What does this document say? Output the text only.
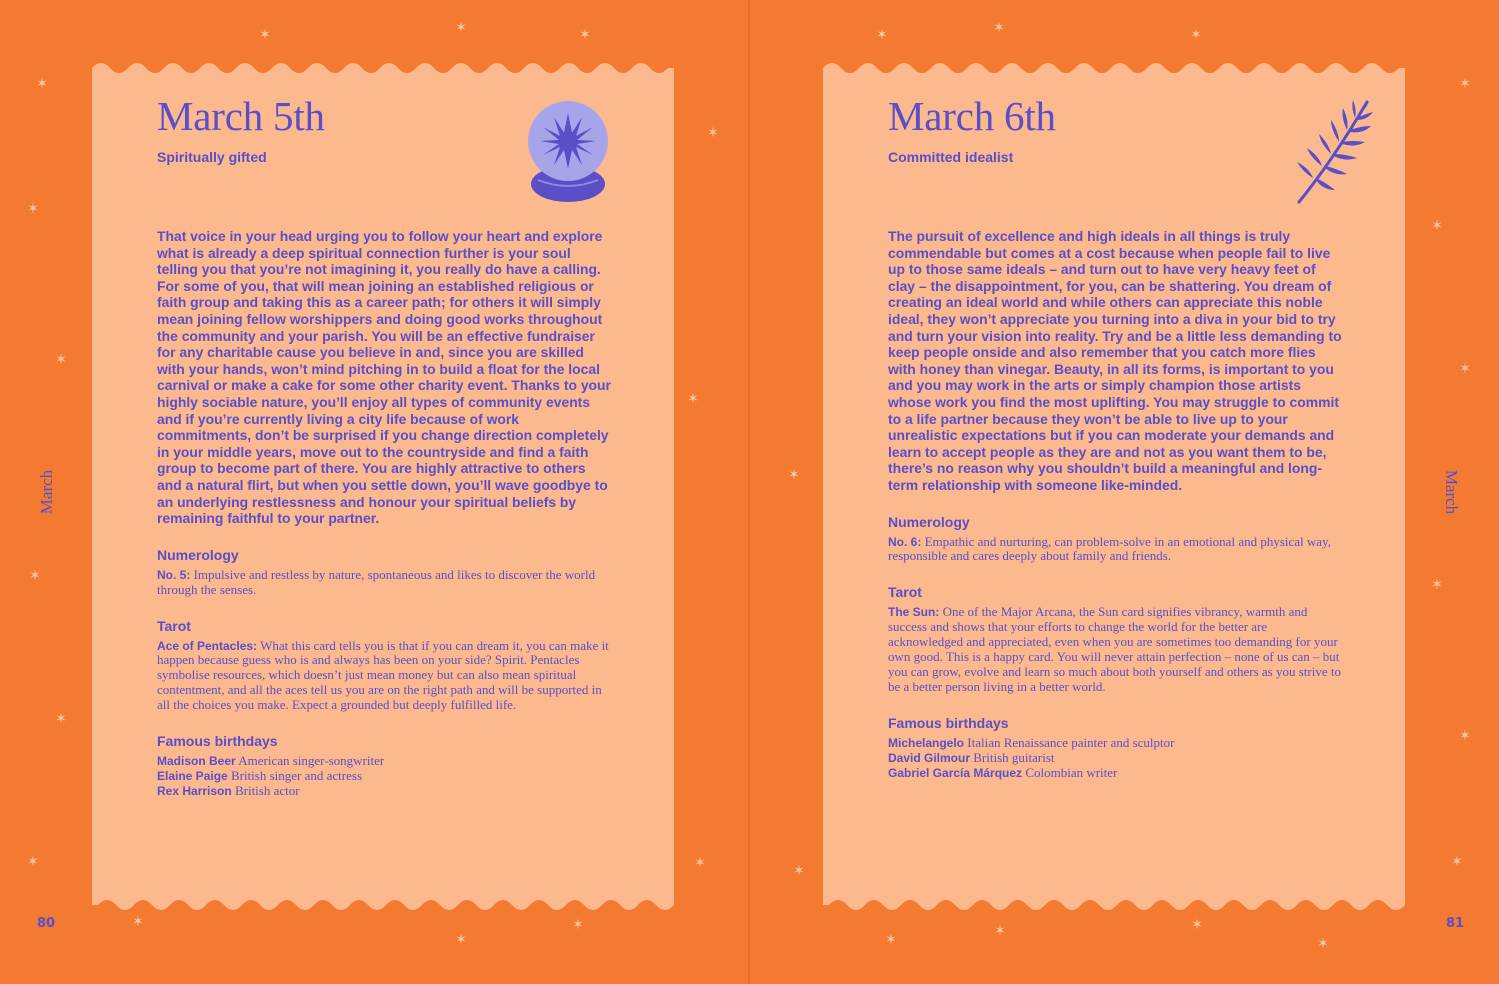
✶	✶	✶
✶
✶
✶
✶
✶
✶
✶
✶	✶
✶
✶
✶
✶	✶	✶
✶
✶
✶
✶
✶
✶
✶
✶
✶
✶	✶
✶
March	March
80	81
March 5th
Spiritually gifted
That voice in your head urging you to follow your heart and explore what is already a deep spiritual connection further is your soul telling you that you’re not imagining it, you really do have a calling. For some of you, that will mean joining an established religious or faith group and taking this as a career path; for others it will simply mean joining fellow worshippers and doing good works throughout the community and your parish. You will be an effective fundraiser for any charitable cause you believe in and, since you are skilled with your hands, won’t mind pitching in to build a float for the local carnival or make a cake for some other charity event. Thanks to your highly sociable nature, you’ll enjoy all types of community events and if you’re currently living a city life because of work commitments, don’t be surprised if you change direction completely in your middle years, move out to the countryside and find a faith group to become part of there. You are highly attractive to others and a natural flirt, but when you settle down, you’ll wave goodbye to an underlying restlessness and honour your spiritual beliefs by remaining faithful to your partner.
Numerology
No. 5: Impulsive and restless by nature, spontaneous and likes to discover the world through the senses.
Tarot
Ace of Pentacles: What this card tells you is that if you can dream it, you can make it happen because guess who is and always has been on your side? Spirit. Pentacles symbolise resources, which doesn’t just mean money but can also mean spiritual contentment, and all the aces tell us you are on the right path and will be supported in all the choices you make. Expect a grounded but deeply fulfilled life.
Famous birthdays
Madison Beer American singer-songwriter
Elaine Paige British singer and actress
Rex Harrison British actor
March 6th
Committed idealist
The pursuit of excellence and high ideals in all things is truly commendable but comes at a cost because when people fail to live up to those same ideals – and turn out to have very heavy feet of clay – the disappointment, for you, can be shattering. You dream of creating an ideal world and while others can appreciate this noble ideal, they won’t appreciate you turning into a diva in your bid to try and turn your vision into reality. Try and be a little less demanding to keep people onside and also remember that you catch more flies with honey than vinegar. Beauty, in all its forms, is important to you and you may work in the arts or simply champion those artists whose work you find the most uplifting. You may struggle to commit to a life partner because they won’t be able to live up to your unrealistic expectations but if you can moderate your demands and learn to accept people as they are and not as you want them to be, there’s no reason why you shouldn’t build a meaningful and long-term relationship with someone like-minded.
Numerology
No. 6: Empathic and nurturing, can problem-solve in an emotional and physical way, responsible and cares deeply about family and friends.
Tarot
The Sun: One of the Major Arcana, the Sun card signifies vibrancy, warmth and success and shows that your efforts to change the world for the better are acknowledged and appreciated, even when you are sometimes too demanding for your own good. This is a happy card. You will never attain perfection – none of us can – but you can grow, evolve and learn so much about both yourself and others as you strive to be a better person living in a better world.
Famous birthdays
Michelangelo Italian Renaissance painter and sculptor
David Gilmour British guitarist
Gabriel García Márquez Colombian writer
